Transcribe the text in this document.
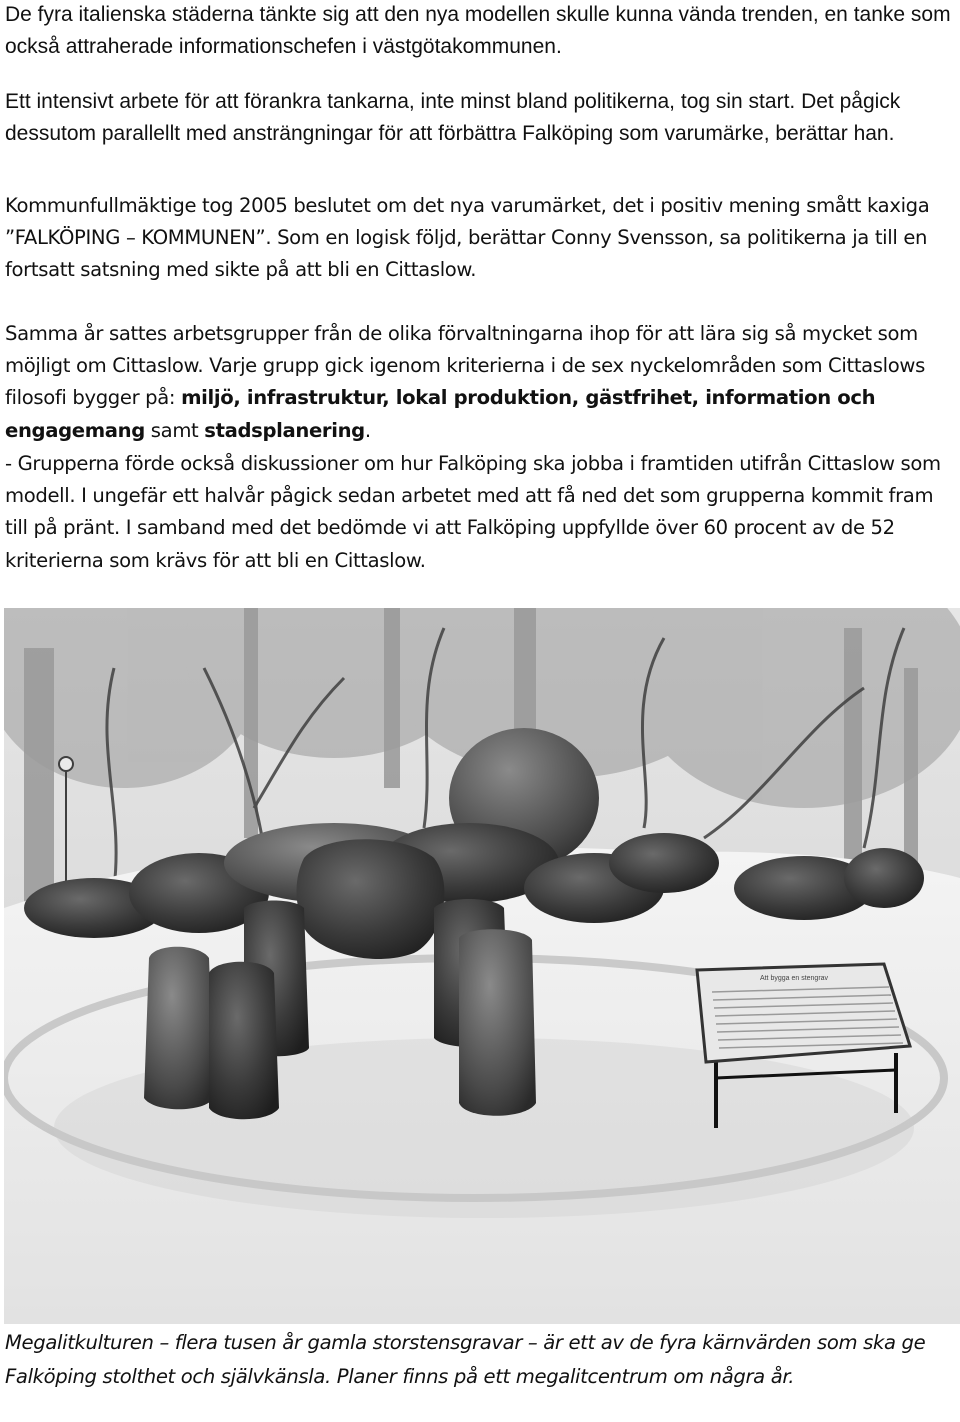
De fyra italienska städerna tänkte sig att den nya modellen skulle kunna vända trenden, en tanke som också attraherade informationschefen i västgötakommunen.

Ett intensivt arbete för att förankra tankarna, inte minst bland politikerna, tog sin start. Det pågick dessutom parallellt med ansträngningar för att förbättra Falköping som varumärke, berättar han.

Kommunfullmäktige tog 2005 beslutet om det nya varumärket, det i positiv mening smått kaxiga ”FALKÖPING – KOMMUNEN”. Som en logisk följd, berättar Conny Svensson, sa politikerna ja till en fortsatt satsning med sikte på att bli en Cittaslow.

Samma år sattes arbetsgrupper från de olika förvaltningarna ihop för att lära sig så mycket som möjligt om Cittaslow. Varje grupp gick igenom kriterierna i de sex nyckelområden som Cittaslows filosofi bygger på: miljö, infrastruktur, lokal produktion, gästfrihet, information och engagemang samt stadsplanering.

- Grupperna förde också diskussioner om hur Falköping ska jobba i framtiden utifrån Cittaslow som modell. I ungefär ett halvår pågick sedan arbetet med att få ned det som grupperna kommit fram till på pränt. I samband med det bedömde vi att Falköping uppfyllde över 60 procent av de 52 kriterierna som krävs för att bli en Cittaslow.

Att bygga en stengrav

Megalitkulturen – flera tusen år gamla storstensgravar – är ett av de fyra kärnvärden som ska ge Falköping stolthet och självkänsla. Planer finns på ett megalitcentrum om några år.
